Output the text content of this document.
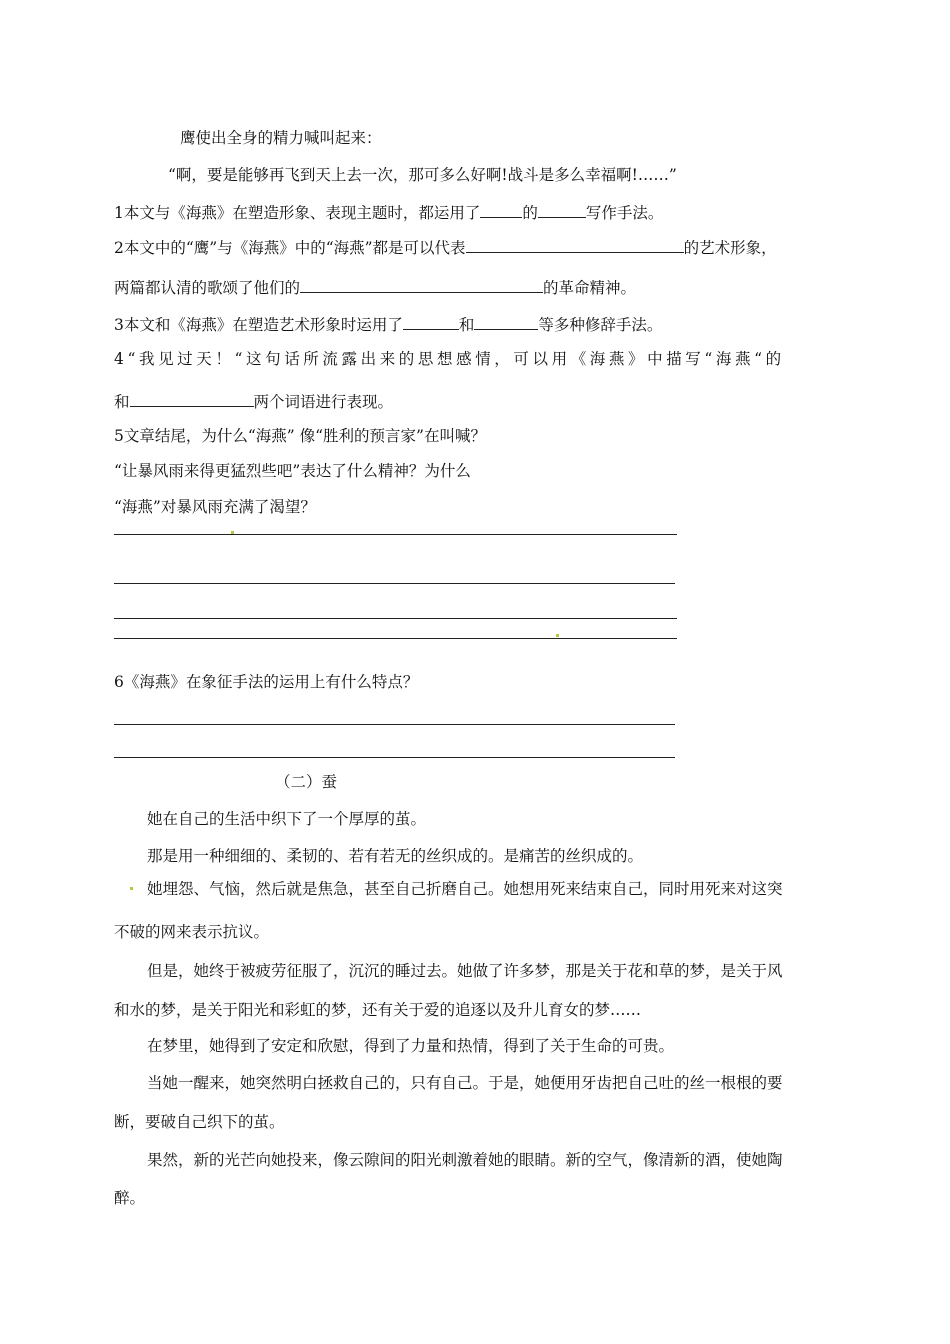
鹰使出全身的精力喊叫起来：
“啊，要是能够再飞到天上去一次，那可多么好啊!战斗是多么幸福啊!……”
1本文与《海燕》在塑造形象、表现主题时，都运用了	的	写作手法。
2本文中的“鹰”与《海燕》中的“海燕”都是可以代表	的艺术形象，
两篇都认清的歌颂了他们的	的革命精神。
3本文和《海燕》在塑造艺术形象时运用了	和	等多种修辞手法。
4“我见过天！“这句话所流露出来的思想感情，可以用《海燕》中描写“海燕“的
和	两个词语进行表现。
5文章结尾，为什么“海燕” 像“胜利的预言家”在叫喊？
“让暴风雨来得更猛烈些吧”表达了什么精神？为什么
“海燕”对暴风雨充满了渴望？
6《海燕》在象征手法的运用上有什么特点？
（二）蚕
她在自己的生活中织下了一个厚厚的茧。
那是用一种细细的、柔韧的、若有若无的丝织成的。是痛苦的丝织成的。
她埋怨、气恼，然后就是焦急，甚至自己折磨自己。她想用死来结束自己，同时用死来对这突
不破的网来表示抗议。
但是，她终于被疲劳征服了，沉沉的睡过去。她做了许多梦，那是关于花和草的梦，是关于风
和水的梦，是关于阳光和彩虹的梦，还有关于爱的追逐以及升儿育女的梦……
在梦里，她得到了安定和欣慰，得到了力量和热情，得到了关于生命的可贵。
当她一醒来，她突然明白拯救自己的，只有自己。于是，她便用牙齿把自己吐的丝一根根的要
断，要破自己织下的茧。
果然，新的光芒向她投来，像云隙间的阳光刺激着她的眼睛。新的空气，像清新的酒，使她陶
醉。
